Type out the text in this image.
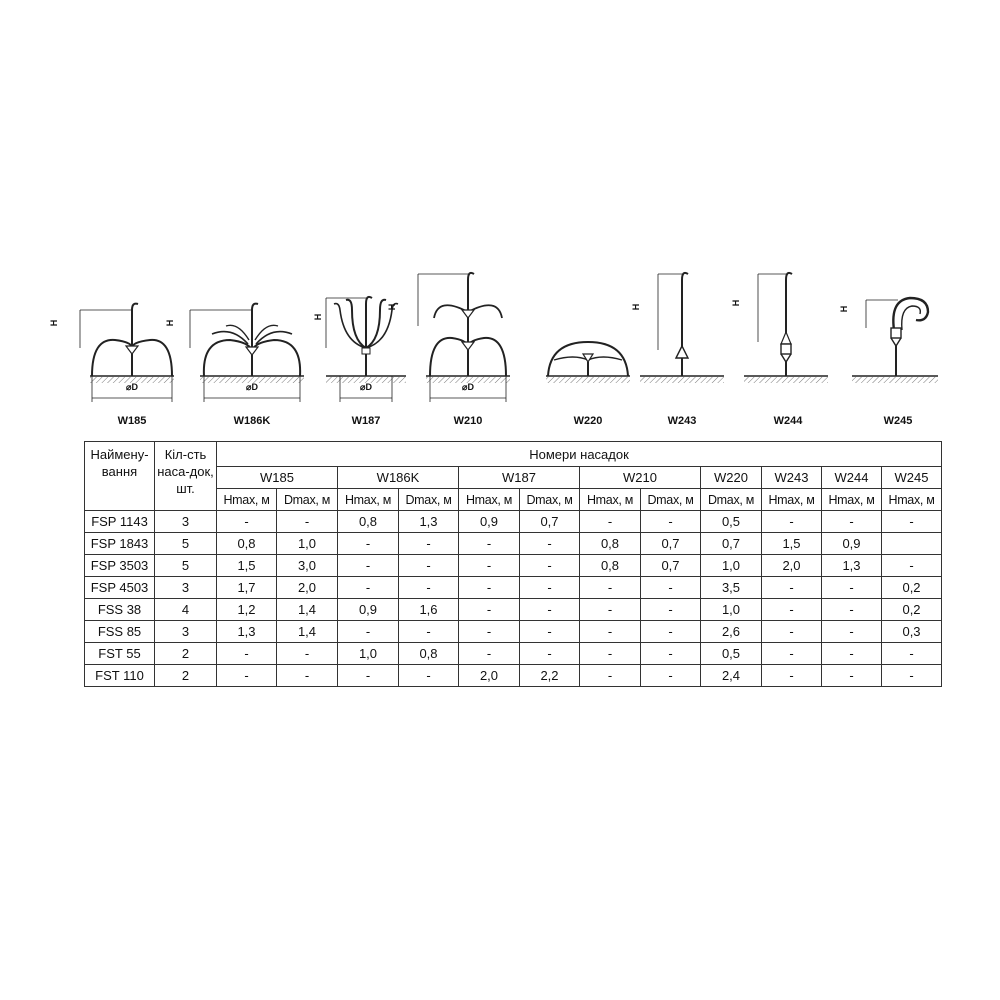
H
⌀D
W185
H
⌀D
W186K
H
⌀D
W187
H
⌀D
W210	W220
H
W243
H
W244
H
W245
Наймену-вання	Кіл-сть наса-док, шт.	Номери насадок											
		W185		W186K		W187		W210		W220	W243	W244	W245
		Hmax, м	Dmax, м	Hmax, м	Dmax, м	Hmax, м	Dmax, м	Hmax, м	Dmax, м	Dmax, м	Hmax, м	Hmax, м	Hmax, м
FSP 1143	3	-	-	0,8	1,3	0,9	0,7	-	-	0,5	-	-	-
FSP 1843	5	0,8	1,0	-	-	-	-	0,8	0,7	0,7	1,5	0,9	
FSP 3503	5	1,5	3,0	-	-	-	-	0,8	0,7	1,0	2,0	1,3	-
FSP 4503	3	1,7	2,0	-	-	-	-	-	-	3,5	-	-	0,2
FSS 38	4	1,2	1,4	0,9	1,6	-	-	-	-	1,0	-	-	0,2
FSS 85	3	1,3	1,4	-	-	-	-	-	-	2,6	-	-	0,3
FST 55	2	-	-	1,0	0,8	-	-	-	-	0,5	-	-	-
FST 110	2	-	-	-	-	2,0	2,2	-	-	2,4	-	-	-
